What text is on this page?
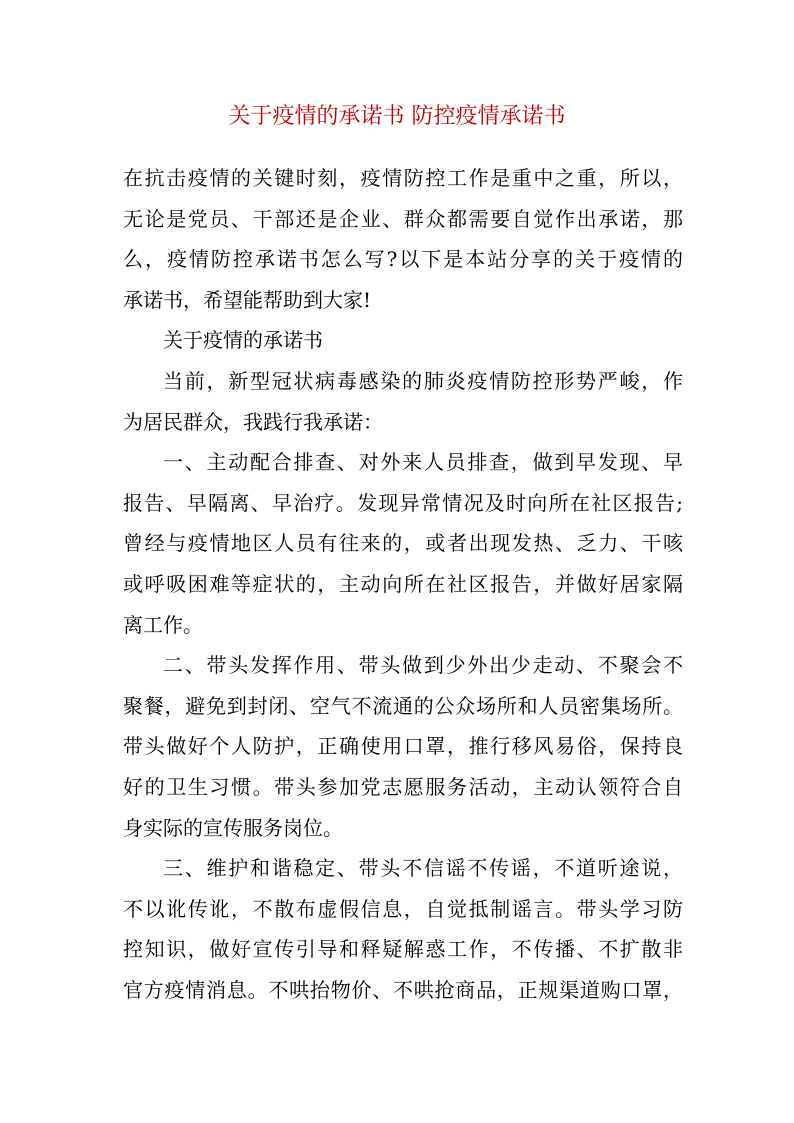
关于疫情的承诺书 防控疫情承诺书
在抗击疫情的关键时刻，疫情防控工作是重中之重，所以，
无论是党员、干部还是企业、群众都需要自觉作出承诺，那
么，疫情防控承诺书怎么写?以下是本站分享的关于疫情的
承诺书，希望能帮助到大家!
关于疫情的承诺书
当前，新型冠状病毒感染的肺炎疫情防控形势严峻，作
为居民群众，我践行我承诺：
一、主动配合排查、对外来人员排查，做到早发现、早
报告、早隔离、早治疗。发现异常情况及时向所在社区报告;
曾经与疫情地区人员有往来的，或者出现发热、乏力、干咳
或呼吸困难等症状的，主动向所在社区报告，并做好居家隔
离工作。
二、带头发挥作用、带头做到少外出少走动、不聚会不
聚餐，避免到封闭、空气不流通的公众场所和人员密集场所。
带头做好个人防护，正确使用口罩，推行移风易俗，保持良
好的卫生习惯。带头参加党志愿服务活动，主动认领符合自
身实际的宣传服务岗位。
三、维护和谐稳定、带头不信谣不传谣，不道听途说，
不以讹传讹，不散布虚假信息，自觉抵制谣言。带头学习防
控知识，做好宣传引导和释疑解惑工作，不传播、不扩散非
官方疫情消息。不哄抬物价、不哄抢商品，正规渠道购口罩，
